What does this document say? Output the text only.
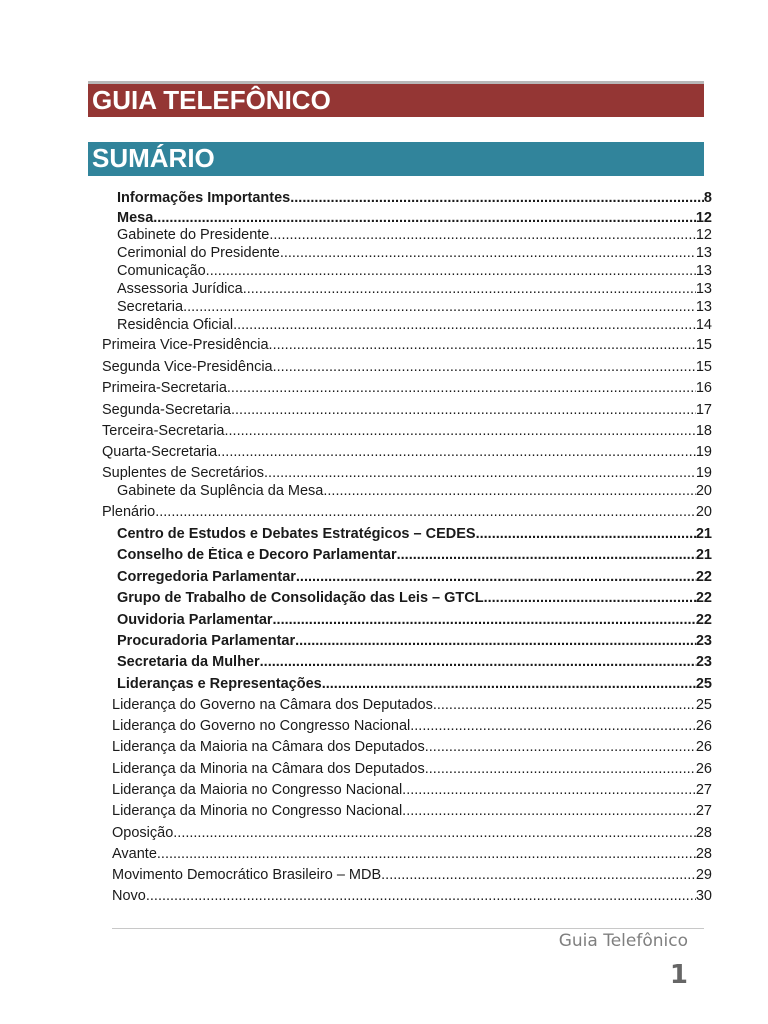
GUIA TELEFÔNICO
SUMÁRIO
Informações Importantes .....	8
Mesa .....	12
Gabinete do Presidente .....	12
Cerimonial do Presidente .....	13
Comunicação .....	13
Assessoria Jurídica .....	13
Secretaria .....	13
Residência Oficial .....	14
Primeira Vice-Presidência .....	15
Segunda Vice-Presidência .....	15
Primeira-Secretaria .....	16
Segunda-Secretaria .....	17
Terceira-Secretaria .....	18
Quarta-Secretaria .....	19
Suplentes de Secretários .....	19
Gabinete da Suplência da Mesa .....	20
Plenário .....	20
Centro de Estudos e Debates Estratégicos – CEDES .....	21
Conselho de Ética e Decoro Parlamentar .....	21
Corregedoria Parlamentar .....	22
Grupo de Trabalho de Consolidação das Leis – GTCL .....	22
Ouvidoria Parlamentar .....	22
Procuradoria Parlamentar .....	23
Secretaria da Mulher .....	23
Lideranças e Representações .....	25
Liderança do Governo na Câmara dos Deputados .....	25
Liderança do Governo no Congresso Nacional .....	26
Liderança da Maioria na Câmara dos Deputados .....	26
Liderança da Minoria na Câmara dos Deputados .....	26
Liderança da Maioria no Congresso Nacional .....	27
Liderança da Minoria no Congresso Nacional .....	27
Oposição .....	28
Avante .....	28
Movimento Democrático Brasileiro – MDB .....	29
Novo .....	30
Guia Telefônico
1
